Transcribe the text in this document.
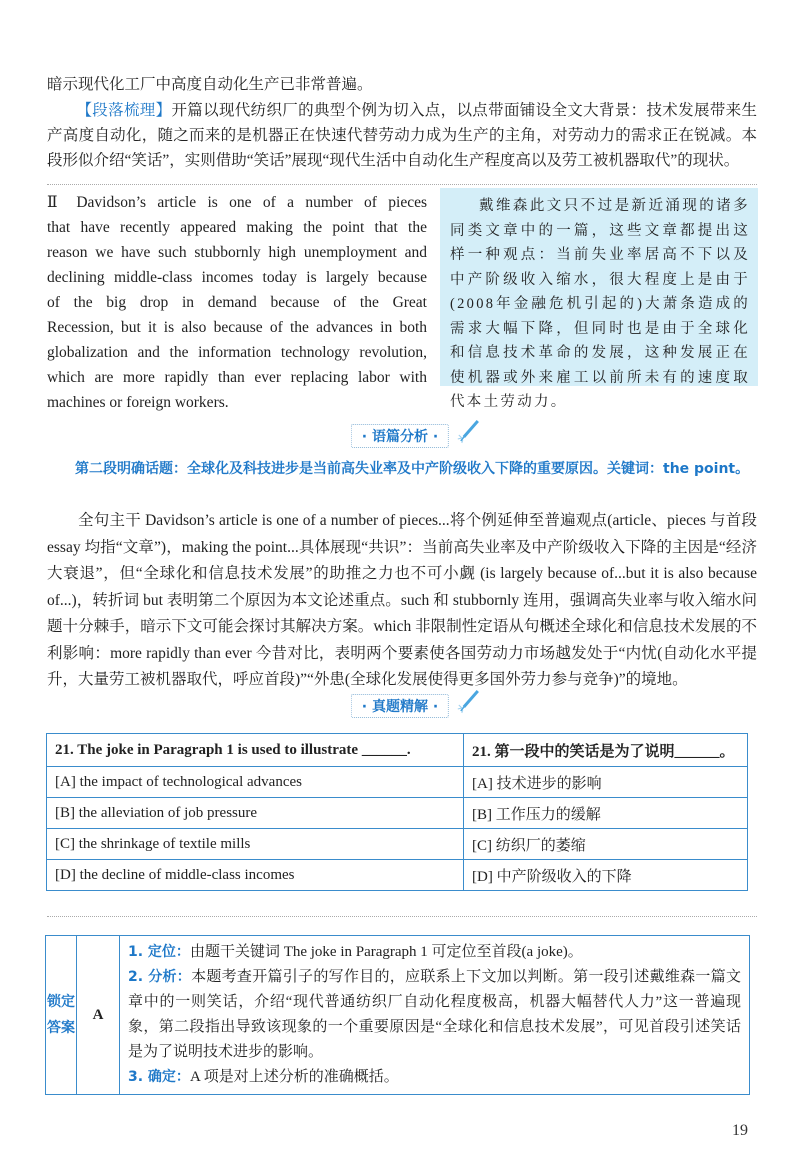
暗示现代化工厂中高度自动化生产已非常普遍。
【段落梳理】开篇以现代纺织厂的典型个例为切入点，以点带面铺设全文大背景：技术发展带来生产高度自动化，随之而来的是机器正在快速代替劳动力成为生产的主角，对劳动力的需求正在锐减。本段形似介绍“笑话”，实则借助“笑话”展现“现代生活中自动化生产程度高以及劳工被机器取代”的现状。
Ⅱ Davidson’s article is one of a number of pieces
that have recently appeared making the point that the
reason we have such stubbornly high unemployment and
declining middle-class incomes today is largely because
of the big drop in demand because of the Great
Recession, but it is also because of the advances in both
globalization and the information technology revolution,
which are more rapidly than ever replacing labor with
machines or foreign workers.
戴维森此文只不过是新近涌现的诸多同类文章中的一篇，这些文章都提出这样一种观点：当前失业率居高不下以及中产阶级收入缩水，很大程度上是由于(2008年金融危机引起的)大萧条造成的需求大幅下降，但同时也是由于全球化和信息技术革命的发展，这种发展正在使机器或外来雇工以前所未有的速度取代本土劳动力。
· 语篇分析 ·
第二段明确话题：全球化及科技进步是当前高失业率及中产阶级收入下降的重要原因。关键词：the point。
全句主干 Davidson’s article is one of a number of pieces...将个例延伸至普遍观点(article、pieces 与首段 essay 均指“文章”)，making the point...具体展现“共识”：当前高失业率及中产阶级收入下降的主因是“经济大衰退”，但“全球化和信息技术发展”的助推之力也不可小觑 (is largely because of...but it is also because of...)，转折词 but 表明第二个原因为本文论述重点。such 和 stubbornly 连用，强调高失业率与收入缩水问题十分棘手，暗示下文可能会探讨其解决方案。which 非限制性定语从句概述全球化和信息技术发展的不利影响：more rapidly than ever 今昔对比，表明两个要素使各国劳动力市场越发处于“内忧(自动化水平提升，大量劳工被机器取代，呼应首段)”“外患(全球化发展使得更多国外劳力参与竞争)”的境地。
· 真题精解 ·
21. The joke in Paragraph 1 is used to illustrate ______.	21. 第一段中的笑话是为了说明______。
[A] the impact of technological advances	[A] 技术进步的影响
[B] the alleviation of job pressure	[B] 工作压力的缓解
[C] the shrinkage of textile mills	[C] 纺织厂的萎缩
[D] the decline of middle-class incomes	[D] 中产阶级收入的下降
锁定答案
A
1. 定位：由题干关键词 The joke in Paragraph 1 可定位至首段(a joke)。
2. 分析：本题考查开篇引子的写作目的，应联系上下文加以判断。第一段引述戴维森一篇文章中的一则笑话，介绍“现代普通纺织厂自动化程度极高，机器大幅替代人力”这一普遍现象，第二段指出导致该现象的一个重要原因是“全球化和信息技术发展”，可见首段引述笑话是为了说明技术进步的影响。
3. 确定：A 项是对上述分析的准确概括。
19
